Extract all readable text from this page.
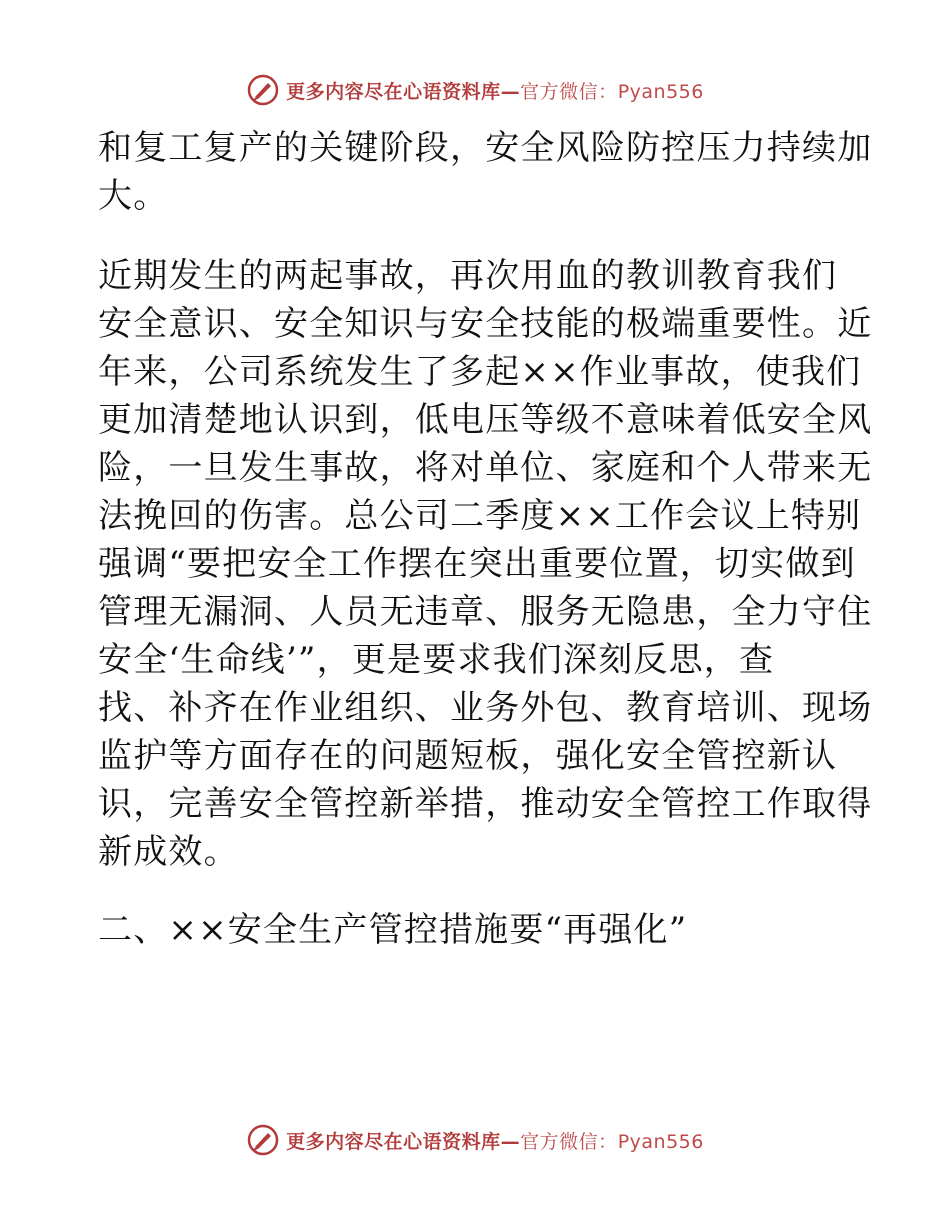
更多内容尽在心语资料库—官方微信：Pyan556

和复工复产的关键阶段，安全风险防控压力持续加
大。

近期发生的两起事故，再次用血的教训教育我们
安全意识、安全知识与安全技能的极端重要性。近
年来，公司系统发生了多起××作业事故，使我们
更加清楚地认识到，低电压等级不意味着低安全风
险，一旦发生事故，将对单位、家庭和个人带来无
法挽回的伤害。总公司二季度××工作会议上特别
强调“要把安全工作摆在突出重要位置，切实做到
管理无漏洞、人员无违章、服务无隐患，全力守住
安全‘生命线’”，更是要求我们深刻反思，查
找、补齐在作业组织、业务外包、教育培训、现场
监护等方面存在的问题短板，强化安全管控新认
识，完善安全管控新举措，推动安全管控工作取得
新成效。

二、××安全生产管控措施要“再强化”

更多内容尽在心语资料库—官方微信：Pyan556
